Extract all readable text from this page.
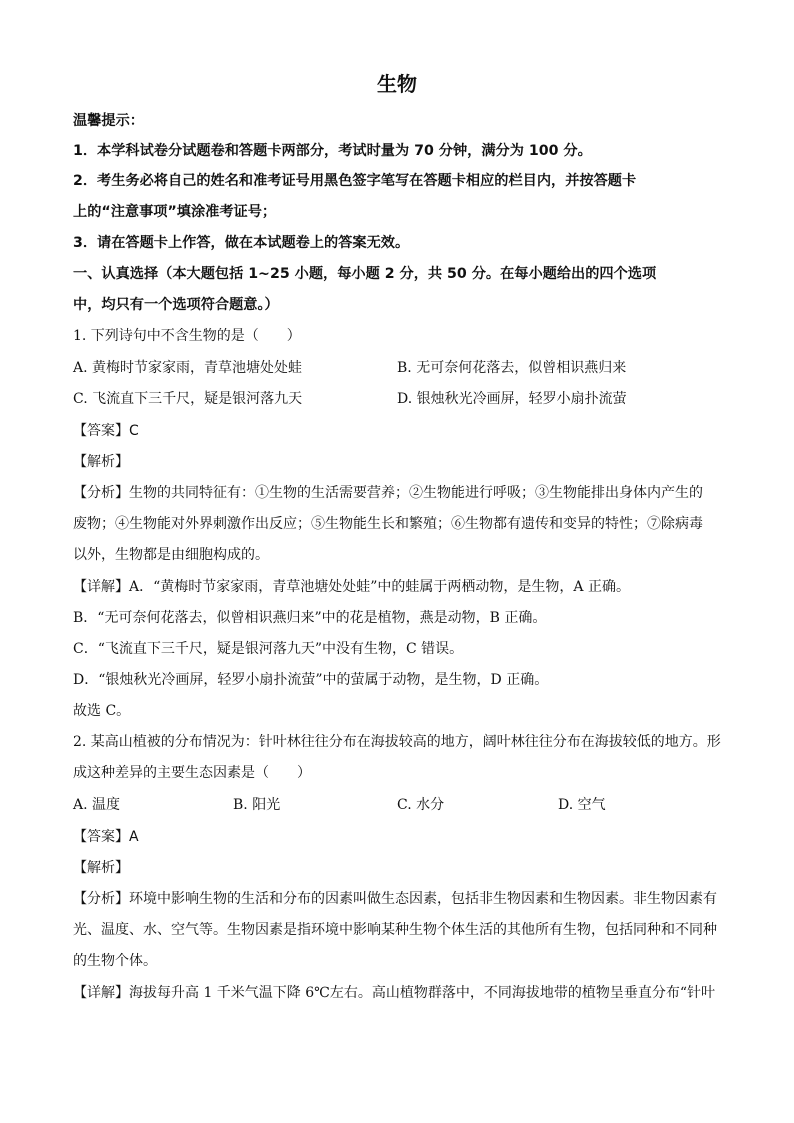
生物
温馨提示：
1．本学科试卷分试题卷和答题卡两部分，考试时量为 70 分钟，满分为 100 分。
2．考生务必将自己的姓名和准考证号用黑色签字笔写在答题卡相应的栏目内，并按答题卡
上的“注意事项”填涂准考证号；
3．请在答题卡上作答，做在本试题卷上的答案无效。
一、认真选择（本大题包括 1~25 小题，每小题 2 分，共 50 分。在每小题给出的四个选项
中，均只有一个选项符合题意。）
1. 下列诗句中不含生物的是（　　）
A. 黄梅时节家家雨，青草池塘处处蛙	B. 无可奈何花落去，似曾相识燕归来
C. 飞流直下三千尺，疑是银河落九天	D. 银烛秋光冷画屏，轻罗小扇扑流萤
【答案】C
【解析】
【分析】生物的共同特征有：①生物的生活需要营养；②生物能进行呼吸；③生物能排出身体内产生的
废物；④生物能对外界刺激作出反应；⑤生物能生长和繁殖；⑥生物都有遗传和变异的特性；⑦除病毒
以外，生物都是由细胞构成的。
【详解】A．“黄梅时节家家雨，青草池塘处处蛙”中的蛙属于两栖动物，是生物，A 正确。
B．“无可奈何花落去，似曾相识燕归来”中的花是植物，燕是动物，B 正确。
C．“飞流直下三千尺，疑是银河落九天”中没有生物，C 错误。
D．“银烛秋光冷画屏，轻罗小扇扑流萤”中的萤属于动物，是生物，D 正确。
故选 C。
2. 某高山植被的分布情况为：针叶林往往分布在海拔较高的地方，阔叶林往往分布在海拔较低的地方。形
成这种差异的主要生态因素是（　　）
A. 温度	B. 阳光	C. 水分	D. 空气
【答案】A
【解析】
【分析】环境中影响生物的生活和分布的因素叫做生态因素，包括非生物因素和生物因素。非生物因素有
光、温度、水、空气等。生物因素是指环境中影响某种生物个体生活的其他所有生物，包括同种和不同种
的生物个体。
【详解】海拔每升高 1 千米气温下降 6℃左右。高山植物群落中，不同海拔地带的植物呈垂直分布“针叶
